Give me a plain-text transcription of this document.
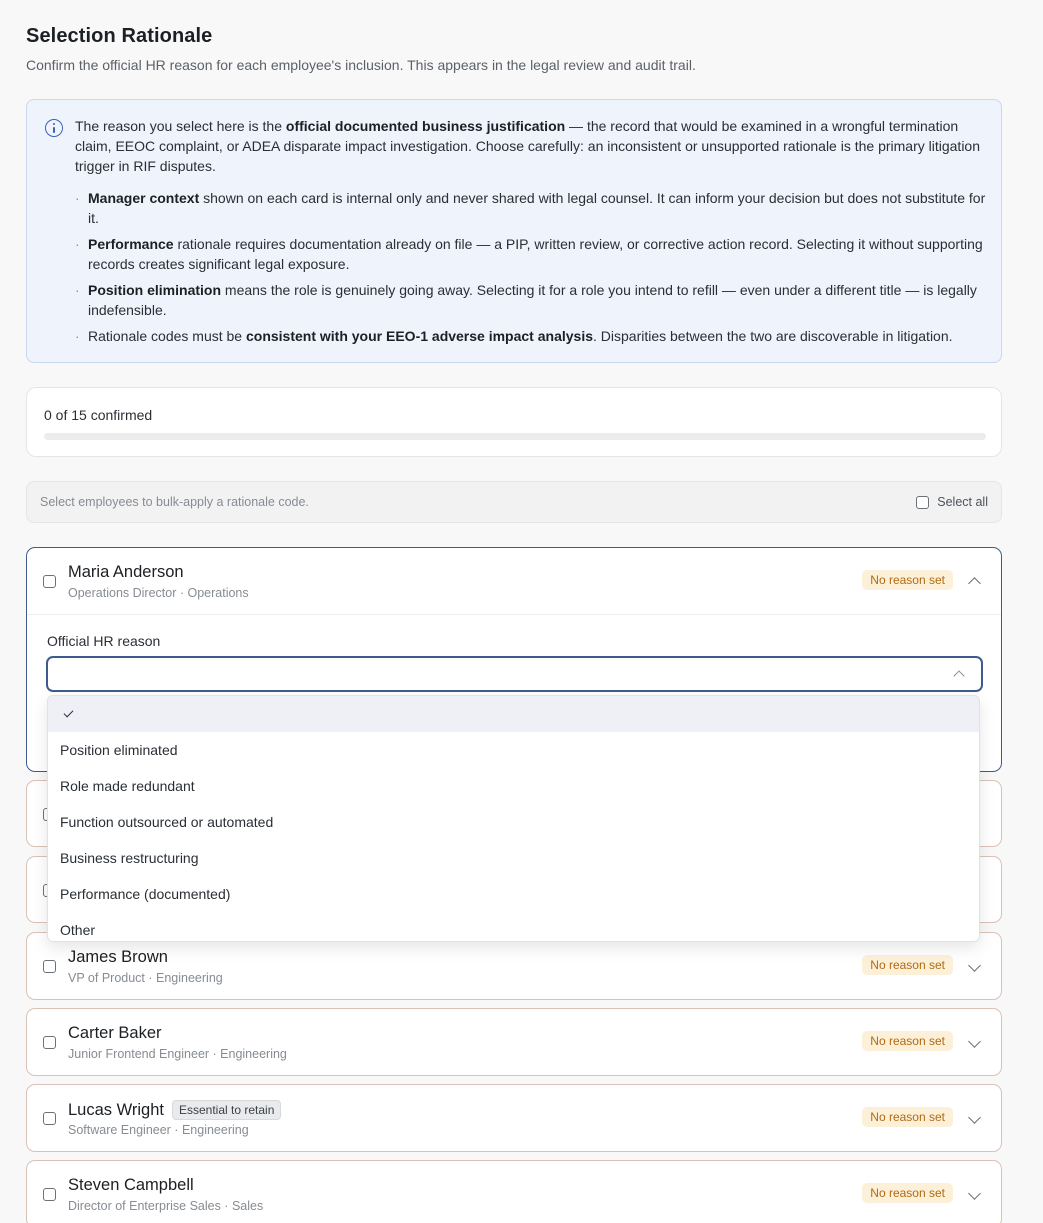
Selection Rationale

Confirm the official HR reason for each employee's inclusion. This appears in the legal review and audit trail.

The reason you select here is the official documented business justification — the record that would be examined in a wrongful termination claim, EEOC complaint, or ADEA disparate impact investigation. Choose carefully: an inconsistent or unsupported rationale is the primary litigation trigger in RIF disputes.

· Manager context shown on each card is internal only and never shared with legal counsel. It can inform your decision but does not substitute for it.
· Performance rationale requires documentation already on file — a PIP, written review, or corrective action record. Selecting it without supporting records creates significant legal exposure.
· Position elimination means the role is genuinely going away. Selecting it for a role you intend to refill — even under a different title — is legally indefensible.
· Rationale codes must be consistent with your EEO-1 adverse impact analysis. Disparities between the two are discoverable in litigation.
0 of 15 confirmed
Select employees to bulk-apply a rationale code.	Select all
Maria Anderson
Operations Director · Operations
No reason set
Official HR reason
James Brown
VP of Product · Engineering
No reason set
Carter Baker
Junior Frontend Engineer · Engineering
No reason set
Lucas Wright	Essential to retain
Software Engineer · Engineering
No reason set
Steven Campbell
Director of Enterprise Sales · Sales
No reason set
Position eliminated
Role made redundant
Function outsourced or automated
Business restructuring
Performance (documented)
Other
